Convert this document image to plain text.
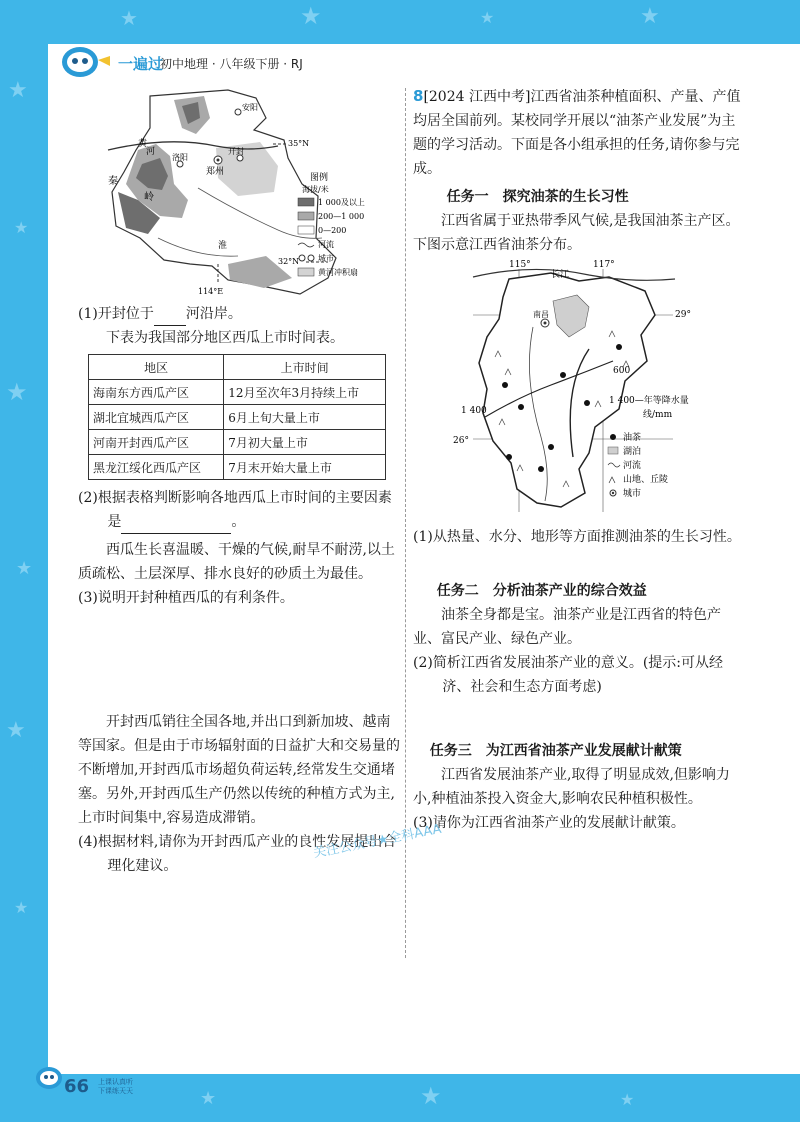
★
★
★
★
★
★
★	★	★	★
★	★	★
一遍过
初中地理 · 八年级下册 · RJ
安阳
洛阳
郑州
开封
黄
秦
岭
河
淮
35°N
32°N
114°E
图例
海拔/米
1 000及以上
200—1 000
0—200
河流
城市
黄河冲积扇

(1)开封位于 河沿岸。

下表为我国部分地区西瓜上市时间表。

地区	上市时间
海南东方西瓜产区	12月至次年3月持续上市
湖北宜城西瓜产区	6月上旬大量上市
河南开封西瓜产区	7月初大量上市
黑龙江绥化西瓜产区	7月末开始大量上市

(2)根据表格判断影响各地西瓜上市时间的主要因素是	。

西瓜生长喜温暖、干燥的气候,耐旱不耐涝,以土质疏松、土层深厚、排水良好的砂质土为最佳。

(3)说明开封种植西瓜的有利条件。

开封西瓜销往全国各地,并出口到新加坡、越南等国家。但是由于市场辐射面的日益扩大和交易量的不断增加,开封西瓜市场超负荷运转,经常发生交通堵塞。另外,开封西瓜生产仍然以传统的种植方式为主,上市时间集中,容易造成滞销。

(4)根据材料,请你为开封西瓜产业的良性发展提出合理化建议。

8[2024 江西中考]江西省油茶种植面积、产量、产值均居全国前列。某校同学开展以“油茶产业发展”为主题的学习活动。下面是各小组承担的任务,请你参与完成。

任务一　探究油茶的生长习性

江西省属于亚热带季风气候,是我国油茶主产区。下图示意江西省油茶分布。

115°	117°
长江
南昌	29°
26°
1 400
600
1 400—年等降水量
线/mm
油茶
湖泊
河流
山地、丘陵
城市

(1)从热量、水分、地形等方面推测油茶的生长习性。

任务二　分析油茶产业的综合效益

油茶全身都是宝。油茶产业是江西省的特色产业、富民产业、绿色产业。

(2)简析江西省发展油茶产业的意义。(提示:可从经济、社会和生态方面考虑)

任务三　为江西省油茶产业发展献计献策

江西省发展油茶产业,取得了明显成效,但影响力小,种植油茶投入资金大,影响农民种植积极性。

(3)请你为江西省油茶产业的发展献计献策。

关注公众号★全科AAA
66 上课认真听
下课练天天
